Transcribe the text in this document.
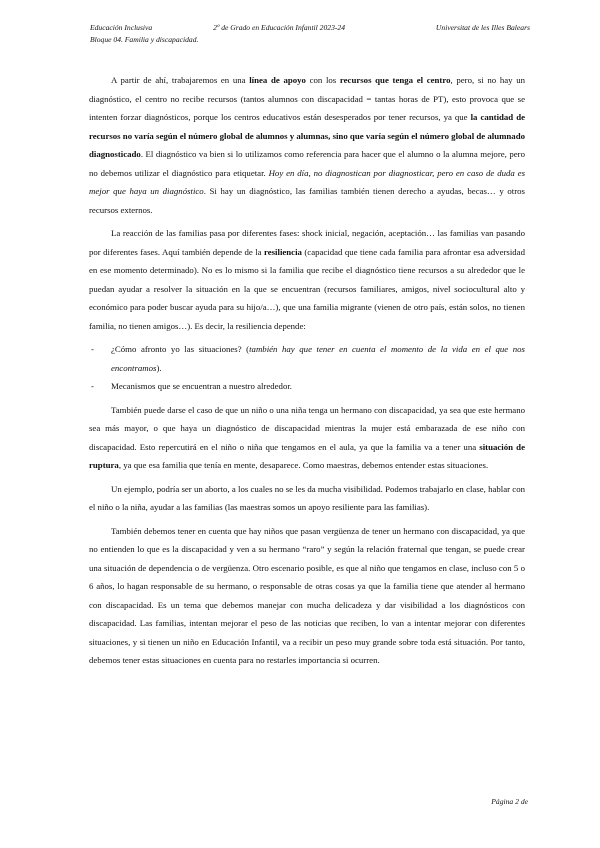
Educación Inclusiva	2º de Grado en Educación Infantil 2023-24	Universitat de les Illes Balears
Bloque 04. Familia y discapacidad.

A partir de ahí, trabajaremos en una línea de apoyo con los recursos que tenga el centro, pero, si no hay un diagnóstico, el centro no recibe recursos (tantos alumnos con discapacidad = tantas horas de PT), esto provoca que se intenten forzar diagnósticos, porque los centros educativos están desesperados por tener recursos, ya que la cantidad de recursos no varía según el número global de alumnos y alumnas, sino que varía según el número global de alumnado diagnosticado. El diagnóstico va bien si lo utilizamos como referencia para hacer que el alumno o la alumna mejore, pero no debemos utilizar el diagnóstico para etiquetar. Hoy en día, no diagnostican por diagnosticar, pero en caso de duda es mejor que haya un diagnóstico. Si hay un diagnóstico, las familias también tienen derecho a ayudas, becas… y otros recursos externos.

La reacción de las familias pasa por diferentes fases: shock inicial, negación, aceptación… las familias van pasando por diferentes fases. Aquí también depende de la resiliencia (capacidad que tiene cada familia para afrontar esa adversidad en ese momento determinado). No es lo mismo si la familia que recibe el diagnóstico tiene recursos a su alrededor que le puedan ayudar a resolver la situación en la que se encuentran (recursos familiares, amigos, nivel sociocultural alto y económico para poder buscar ayuda para su hijo/a…), que una familia migrante (vienen de otro país, están solos, no tienen familia, no tienen amigos…). Es decir, la resiliencia depende:

- ¿Cómo afronto yo las situaciones? (también hay que tener en cuenta el momento de la vida en el que nos encontramos).
- Mecanismos que se encuentran a nuestro alrededor.

También puede darse el caso de que un niño o una niña tenga un hermano con discapacidad, ya sea que este hermano sea más mayor, o que haya un diagnóstico de discapacidad mientras la mujer está embarazada de ese niño con discapacidad. Esto repercutirá en el niño o niña que tengamos en el aula, ya que la familia va a tener una situación de ruptura, ya que esa familia que tenía en mente, desaparece. Como maestras, debemos entender estas situaciones.

Un ejemplo, podría ser un aborto, a los cuales no se les da mucha visibilidad. Podemos trabajarlo en clase, hablar con el niño o la niña, ayudar a las familias (las maestras somos un apoyo resiliente para las familias).

También debemos tener en cuenta que hay niños que pasan vergüenza de tener un hermano con discapacidad, ya que no entienden lo que es la discapacidad y ven a su hermano “raro” y según la relación fraternal que tengan, se puede crear una situación de dependencia o de vergüenza. Otro escenario posible, es que al niño que tengamos en clase, incluso con 5 o 6 años, lo hagan responsable de su hermano, o responsable de otras cosas ya que la familia tiene que atender al hermano con discapacidad. Es un tema que debemos manejar con mucha delicadeza y dar visibilidad a los diagnósticos con discapacidad. Las familias, intentan mejorar el peso de las noticias que reciben, lo van a intentar mejorar con diferentes situaciones, y si tienen un niño en Educación Infantil, va a recibir un peso muy grande sobre toda está situación. Por tanto, debemos tener estas situaciones en cuenta para no restarles importancia si ocurren.

Página 2 de
